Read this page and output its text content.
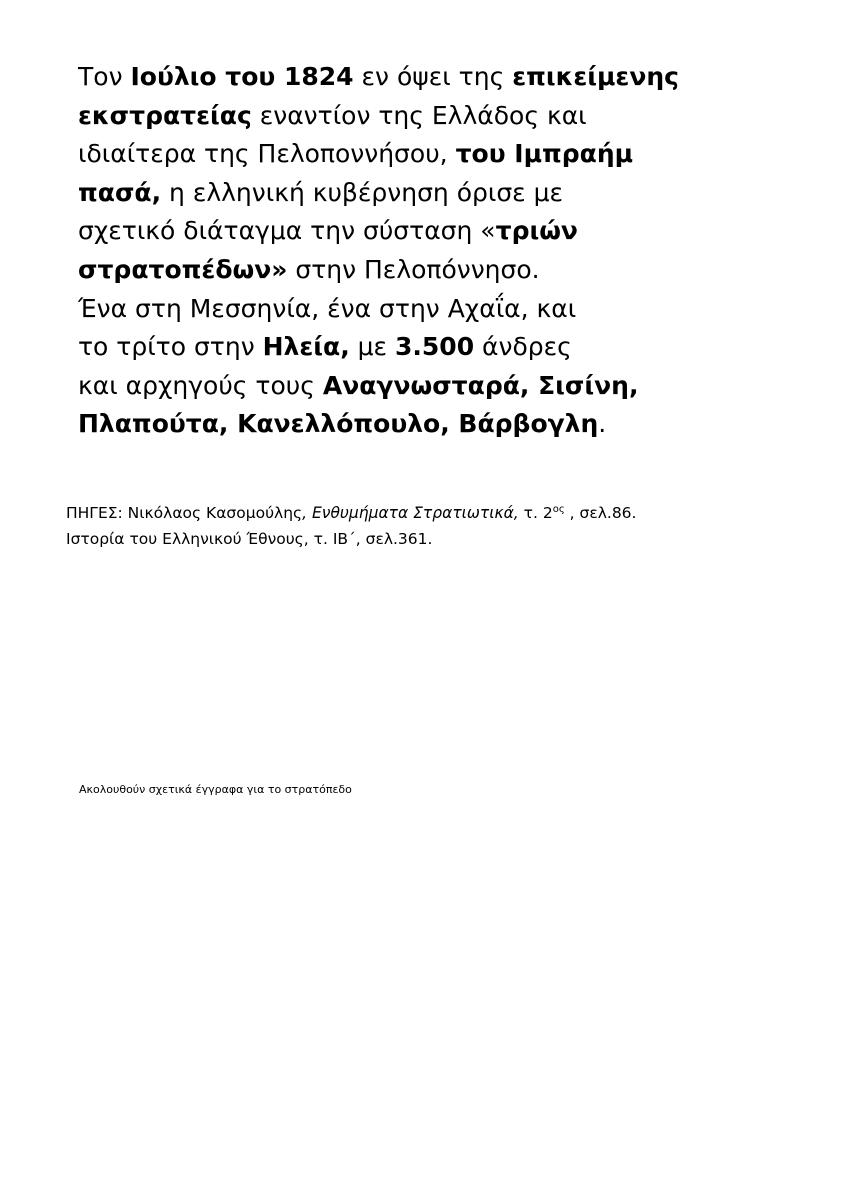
Τον Ιούλιο του 1824 εν όψει της επικείμενης
εκστρατείας εναντίον της Ελλάδος και
ιδιαίτερα της Πελοποννήσου, του Ιμπραήμ
πασά, η ελληνική κυβέρνηση όρισε με
σχετικό διάταγμα την σύσταση «τριών
στρατοπέδων» στην Πελοπόννησο.
Ένα στη Μεσσηνία, ένα στην Αχαΐα, και
το τρίτο στην Ηλεία, με 3.500 άνδρες
και αρχηγούς τους Αναγνωσταρά, Σισίνη,
Πλαπούτα, Κανελλόπουλο, Βάρβογλη.
ΠΗΓΕΣ: Νικόλαος Κασομούλης, Ενθυμήματα Στρατιωτικά, τ. $2^{o\varsigma}$ , σελ.86.
Ιστορία του Ελληνικού Έθνους, τ. ΙΒ΄, σελ.361.
Ακολουθούν σχετικά έγγραφα για το στρατόπεδο
